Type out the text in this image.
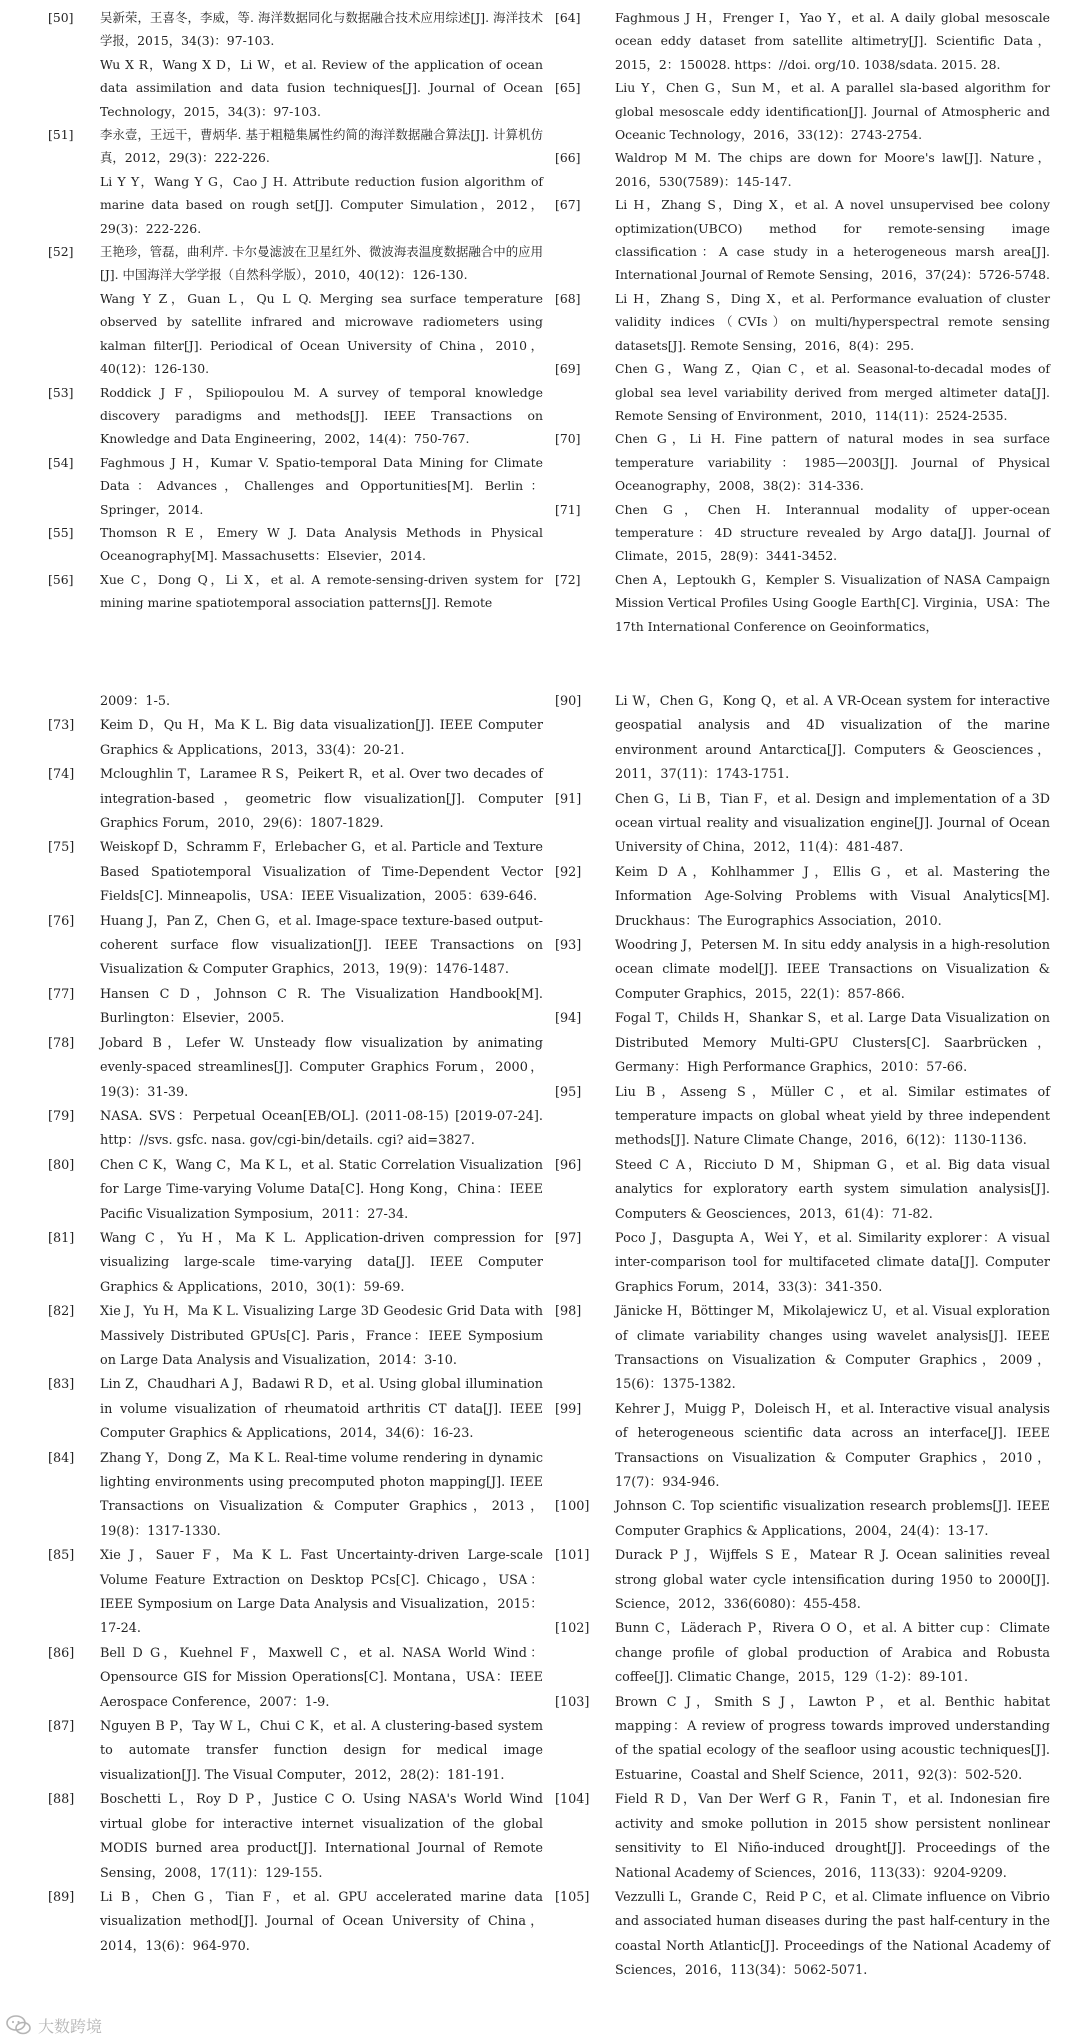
[50] 吴新荣，王喜冬，李威，等. 海洋数据同化与数据融合技术应用综述[J]. 海洋技术学报，2015，34(3)：97-103.
Wu X R，Wang X D，Li W，et al. Review of the application of ocean data assimilation and data fusion techniques[J]. Journal of Ocean Technology，2015，34(3)：97-103.
[51] 李永壹，王远干，曹炳华. 基于粗糙集属性约简的海洋数据融合算法[J]. 计算机仿真，2012，29(3)：222-226.
Li Y Y，Wang Y G，Cao J H. Attribute reduction fusion algorithm of marine data based on rough set[J]. Computer Simulation，2012，29(3)：222-226.
[52] 王艳珍，管磊，曲利芹. 卡尔曼滤波在卫星红外、微波海表温度数据融合中的应用[J]. 中国海洋大学学报（自然科学版），2010，40(12)：126-130.
Wang Y Z，Guan L，Qu L Q. Merging sea surface temperature observed by satellite infrared and microwave radiometers using kalman filter[J]. Periodical of Ocean University of China，2010，40(12)：126-130.
[53] Roddick J F，Spiliopoulou M. A survey of temporal knowledge discovery paradigms and methods[J]. IEEE Transactions on Knowledge and Data Engineering，2002，14(4)：750-767.
[54] Faghmous J H，Kumar V. Spatio-temporal Data Mining for Climate Data：Advances，Challenges and Opportunities[M]. Berlin：Springer，2014.
[55] Thomson R E，Emery W J. Data Analysis Methods in Physical Oceanography[M]. Massachusetts：Elsevier，2014.
[56] Xue C，Dong Q，Li X，et al. A remote-sensing-driven system for mining marine spatiotemporal association patterns[J]. Remote
[64]	Faghmous J H，Frenger I，Yao Y，et al. A daily global mesoscale ocean eddy dataset from satellite altimetry[J]. Scientific Data，2015，2：150028. https：//doi. org/10. 1038/sdata. 2015. 28.
[65]	Liu Y，Chen G，Sun M，et al. A parallel sla-based algorithm for global mesoscale eddy identification[J]. Journal of Atmospheric and Oceanic Technology，2016，33(12)：2743-2754.
[66]	Waldrop M M. The chips are down for Moore's law[J]. Nature，2016，530(7589)：145-147.
[67]	Li H，Zhang S，Ding X，et al. A novel unsupervised bee colony optimization(UBCO) method for remote-sensing image classification：A case study in a heterogeneous marsh area[J]. International Journal of Remote Sensing，2016，37(24)：5726-5748.
[68]	Li H，Zhang S，Ding X，et al. Performance evaluation of cluster validity indices（CVIs）on multi/hyperspectral remote sensing datasets[J]. Remote Sensing，2016，8(4)：295.
[69]	Chen G，Wang Z，Qian C，et al. Seasonal-to-decadal modes of global sea level variability derived from merged altimeter data[J]. Remote Sensing of Environment，2010，114(11)：2524-2535.
[70]	Chen G，Li H. Fine pattern of natural modes in sea surface temperature variability：1985—2003[J]. Journal of Physical Oceanography，2008，38(2)：314-336.
[71]	Chen G，Chen H. Interannual modality of upper-ocean temperature：4D structure revealed by Argo data[J]. Journal of Climate，2015，28(9)：3441-3452.
[72]	Chen A，Leptoukh G，Kempler S. Visualization of NASA Campaign Mission Vertical Profiles Using Google Earth[C]. Virginia，USA：The 17th International Conference on Geoinformatics，
2009：1-5.
[73] Keim D，Qu H，Ma K L. Big data visualization[J]. IEEE Computer Graphics & Applications，2013，33(4)：20-21.
[74] Mcloughlin T，Laramee R S，Peikert R，et al. Over two decades of integration-based，geometric flow visualization[J]. Computer Graphics Forum，2010，29(6)：1807-1829.
[75] Weiskopf D，Schramm F，Erlebacher G，et al. Particle and Texture Based Spatiotemporal Visualization of Time-Dependent Vector Fields[C]. Minneapolis，USA：IEEE Visualization，2005：639-646.
[76] Huang J，Pan Z，Chen G，et al. Image-space texture-based output-coherent surface flow visualization[J]. IEEE Transactions on Visualization & Computer Graphics，2013，19(9)：1476-1487.
[77] Hansen C D，Johnson C R. The Visualization Handbook[M]. Burlington：Elsevier，2005.
[78] Jobard B，Lefer W. Unsteady flow visualization by animating evenly-spaced streamlines[J]. Computer Graphics Forum，2000，19(3)：31-39.
[79] NASA. SVS：Perpetual Ocean[EB/OL]. (2011-08-15) [2019-07-24]. http：//svs. gsfc. nasa. gov/cgi-bin/details. cgi? aid=3827.
[80] Chen C K，Wang C，Ma K L，et al. Static Correlation Visualization for Large Time-varying Volume Data[C]. Hong Kong，China：IEEE Pacific Visualization Symposium，2011：27-34.
[81] Wang C，Yu H，Ma K L. Application-driven compression for visualizing large-scale time-varying data[J]. IEEE Computer Graphics & Applications，2010，30(1)：59-69.
[82] Xie J，Yu H，Ma K L. Visualizing Large 3D Geodesic Grid Data with Massively Distributed GPUs[C]. Paris，France：IEEE Symposium on Large Data Analysis and Visualization，2014：3-10.
[83] Lin Z，Chaudhari A J，Badawi R D，et al. Using global illumination in volume visualization of rheumatoid arthritis CT data[J]. IEEE Computer Graphics & Applications，2014，34(6)：16-23.
[84] Zhang Y，Dong Z，Ma K L. Real-time volume rendering in dynamic lighting environments using precomputed photon mapping[J]. IEEE Transactions on Visualization & Computer Graphics，2013，19(8)：1317-1330.
[85] Xie J，Sauer F，Ma K L. Fast Uncertainty-driven Large-scale Volume Feature Extraction on Desktop PCs[C]. Chicago，USA：IEEE Symposium on Large Data Analysis and Visualization，2015：17-24.
[86] Bell D G，Kuehnel F，Maxwell C，et al. NASA World Wind：Opensource GIS for Mission Operations[C]. Montana，USA：IEEE Aerospace Conference，2007：1-9.
[87] Nguyen B P，Tay W L，Chui C K，et al. A clustering-based system to automate transfer function design for medical image visualization[J]. The Visual Computer，2012，28(2)：181-191.
[88] Boschetti L，Roy D P，Justice C O. Using NASA's World Wind virtual globe for interactive internet visualization of the global MODIS burned area product[J]. International Journal of Remote Sensing，2008，17(11)：129-155.
[89] Li B，Chen G，Tian F，et al. GPU accelerated marine data visualization method[J]. Journal of Ocean University of China，2014，13(6)：964-970.
[90]	Li W，Chen G，Kong Q，et al. A VR-Ocean system for interactive geospatial analysis and 4D visualization of the marine environment around Antarctica[J]. Computers & Geosciences，2011，37(11)：1743-1751.
[91]	Chen G，Li B，Tian F，et al. Design and implementation of a 3D ocean virtual reality and visualization engine[J]. Journal of Ocean University of China，2012，11(4)：481-487.
[92]	Keim D A，Kohlhammer J，Ellis G，et al. Mastering the Information Age-Solving Problems with Visual Analytics[M]. Druckhaus：The Eurographics Association，2010.
[93]	Woodring J，Petersen M. In situ eddy analysis in a high-resolution ocean climate model[J]. IEEE Transactions on Visualization & Computer Graphics，2015，22(1)：857-866.
[94]	Fogal T，Childs H，Shankar S，et al. Large Data Visualization on Distributed Memory Multi-GPU Clusters[C]. Saarbrücken，Germany：High Performance Graphics，2010：57-66.
[95]	Liu B，Asseng S，Müller C，et al. Similar estimates of temperature impacts on global wheat yield by three independent methods[J]. Nature Climate Change，2016，6(12)：1130-1136.
[96]	Steed C A，Ricciuto D M，Shipman G，et al. Big data visual analytics for exploratory earth system simulation analysis[J]. Computers & Geosciences，2013，61(4)：71-82.
[97]	Poco J，Dasgupta A，Wei Y，et al. Similarity explorer：A visual inter-comparison tool for multifaceted climate data[J]. Computer Graphics Forum，2014，33(3)：341-350.
[98]	Jänicke H，Böttinger M，Mikolajewicz U，et al. Visual exploration of climate variability changes using wavelet analysis[J]. IEEE Transactions on Visualization & Computer Graphics，2009，15(6)：1375-1382.
[99]	Kehrer J，Muigg P，Doleisch H，et al. Interactive visual analysis of heterogeneous scientific data across an interface[J]. IEEE Transactions on Visualization & Computer Graphics，2010，17(7)：934-946.
[100] Johnson C. Top scientific visualization research problems[J]. IEEE Computer Graphics & Applications，2004，24(4)：13-17.
[101] Durack P J，Wijffels S E，Matear R J. Ocean salinities reveal strong global water cycle intensification during 1950 to 2000[J]. Science，2012，336(6080)：455-458.
[102] Bunn C，Läderach P，Rivera O O，et al. A bitter cup：Climate change profile of global production of Arabica and Robusta coffee[J]. Climatic Change，2015，129（1-2)：89-101.
[103] Brown C J，Smith S J，Lawton P，et al. Benthic habitat mapping：A review of progress towards improved understanding of the spatial ecology of the seafloor using acoustic techniques[J]. Estuarine，Coastal and Shelf Science，2011，92(3)：502-520.
[104] Field R D，Van Der Werf G R，Fanin T，et al. Indonesian fire activity and smoke pollution in 2015 show persistent nonlinear sensitivity to El Niño-induced drought[J]. Proceedings of the National Academy of Sciences，2016，113(33)：9204-9209.
[105] Vezzulli L，Grande C，Reid P C，et al. Climate influence on Vibrio and associated human diseases during the past half-century in the coastal North Atlantic[J]. Proceedings of the National Academy of Sciences，2016，113(34)：5062-5071.
大数跨境
